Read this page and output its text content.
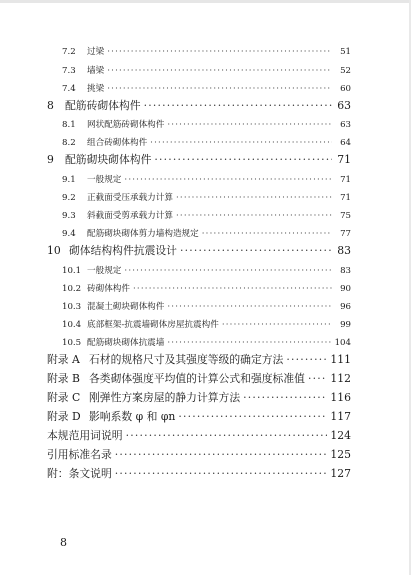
7.2	过梁 ·····	51
7.3	墙梁 ·····	52
7.4	挑梁 ·····	60
8	配筋砖砌体构件 ·····	63
8.1	网状配筋砖砌体构件 ·····	63
8.2	组合砖砌体构件 ·····	64
9	配筋砌块砌体构件 ·····	71
9.1	一般规定 ·····	71
9.2	正截面受压承载力计算 ·····	71
9.3	斜截面受剪承载力计算 ·····	75
9.4	配筋砌块砌体剪力墙构造规定 ·····	77
10 砌体结构构件抗震设计 ·····	83
10.1 一般规定 ·····	83
10.2 砖砌体构件 ·····	90
10.3 混凝土砌块砌体构件 ·····	96
10.4 底部框架-抗震墙砌体房屋抗震构件 ·····	99
10.5 配筋砌块砌体抗震墙 ·····	104
附录 A 石材的规格尺寸及其强度等级的确定方法 ·····	111
附录 B 各类砌体强度平均值的计算公式和强度标准值 ····· 112
附录 C 刚弹性方案房屋的静力计算方法 ·····	116
附录 D 影响系数 φ 和 φn ·····	117
本规范用词说明 ·····	124
引用标准名录 ·····	125
附：条文说明 ·····	127
8
